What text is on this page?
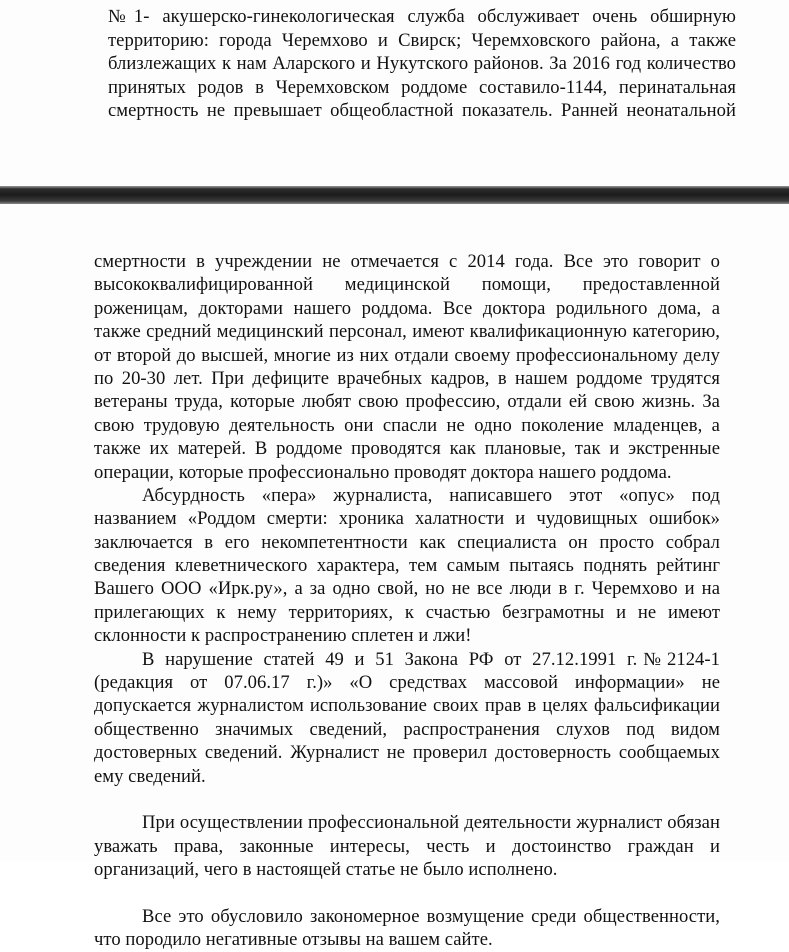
№1- акушерско-гинекологическая служба обслуживает очень обширную
территорию: города Черемхово и Свирск; Черемховского района, а также
близлежащих к нам Аларского и Нукутского районов. За 2016 год количество
принятых родов в Черемховском роддоме составило-1144, перинатальная
смертность не превышает общеобластной показатель. Ранней неонатальной
смертности в учреждении не отмечается с 2014 года. Все это говорит о
высококвалифицированной медицинской помощи, предоставленной
роженицам, докторами нашего роддома. Все доктора родильного дома, а
также средний медицинский персонал, имеют квалификационную категорию,
от второй до высшей, многие из них отдали своему профессиональному делу
по 20-30 лет. При дефиците врачебных кадров, в нашем роддоме трудятся
ветераны труда, которые любят свою профессию, отдали ей свою жизнь. За
свою трудовую деятельность они спасли не одно поколение младенцев, а
также их матерей. В роддоме проводятся как плановые, так и экстренные
операции, которые профессионально проводят доктора нашего роддома.
Абсурдность «пера» журналиста, написавшего этот «опус» под
названием «Роддом смерти: хроника халатности и чудовищных ошибок»
заключается в его некомпетентности как специалиста он просто собрал
сведения клеветнического характера, тем самым пытаясь поднять рейтинг
Вашего ООО «Ирк.ру», а за одно свой, но не все люди в г. Черемхово и на
прилегающих к нему территориях, к счастью безграмотны и не имеют
склонности к распространению сплетен и лжи!
В нарушение статей 49 и 51 Закона РФ от 27.12.1991 г.№2124-1
(редакция от 07.06.17 г.)» «О средствах массовой информации» не
допускается журналистом использование своих прав в целях фальсификации
общественно значимых сведений, распространения слухов под видом
достоверных сведений. Журналист не проверил достоверность сообщаемых
ему сведений.
При осуществлении профессиональной деятельности журналист обязан
уважать права, законные интересы, честь и достоинство граждан и
организаций, чего в настоящей статье не было исполнено.
Все это обусловило закономерное возмущение среди общественности,
что породило негативные отзывы на вашем сайте.
